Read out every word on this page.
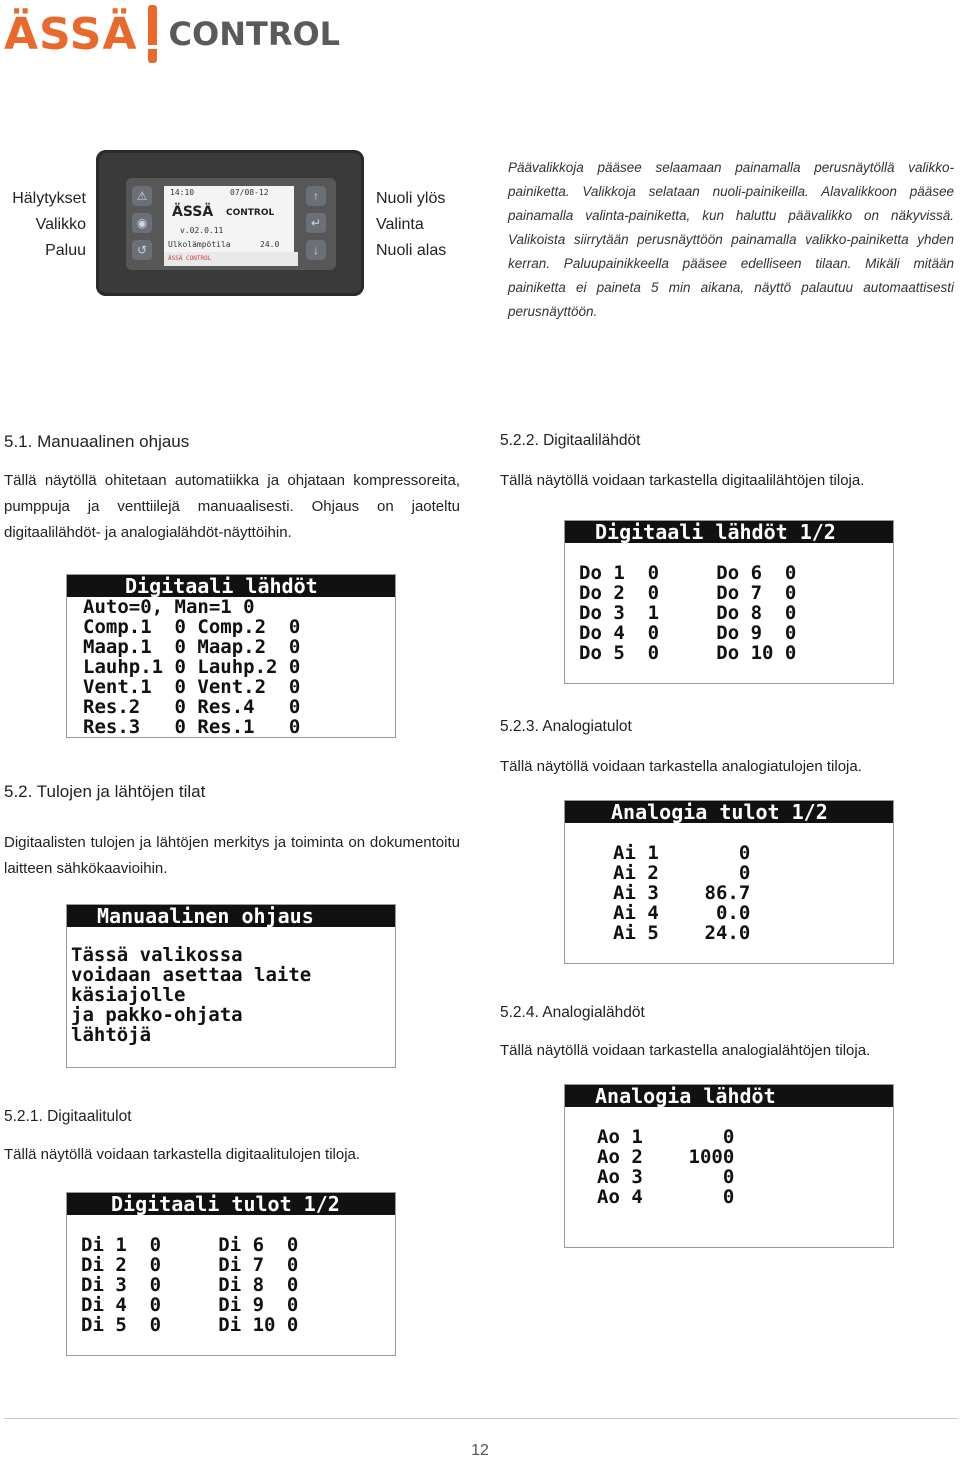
ÄSSÄ CONTROL
Hälytykset
Valikko
Paluu
⚠
◉
↺
14:10	07/08-12
ÄSSÄ CONTROL
v.02.0.11
Ulkolämpötila	24.0
ÄSSÄ CONTROL
↑
↵
↓
Nuoli ylös
Valinta
Nuoli alas
Päävalikkoja pääsee selaamaan painamalla perusnäytöllä valikko-painiketta. Valikkoja selataan nuoli-painikeilla. Alavalikkoon pääsee painamalla valinta-painiketta, kun haluttu päävalikko on näkyvissä. Valikoista siirrytään perusnäyttöön painamalla valikko-painiketta yhden kerran. Paluupainikkeella pääsee edelliseen tilaan. Mikäli mitään painiketta ei paineta 5 min aikana, näyttö palautuu automaattisesti perusnäyttöön.
5.1. Manuaalinen ohjaus
Tällä näytöllä ohitetaan automatiikka ja ohjataan kompressoreita, pumppuja ja venttiilejä manuaalisesti. Ohjaus on jaoteltu digitaalilähdöt- ja analogialähdöt-näyttöihin.
Digitaali lähdöt
Auto=0, Man=1 0
Comp.1  0 Comp.2  0
Maap.1  0 Maap.2  0
Lauhp.1 0 Lauhp.2 0
Vent.1  0 Vent.2  0
Res.2   0 Res.4   0
Res.3   0 Res.1   0
5.2. Tulojen ja lähtöjen tilat
Digitaalisten tulojen ja lähtöjen merkitys ja toiminta on dokumentoitu laitteen sähkökaavioihin.
Manuaalinen ohjaus
Tässä valikossa
voidaan asettaa laite
käsiajolle
ja pakko-ohjata
lähtöjä
5.2.1. Digitaalitulot
Tällä näytöllä voidaan tarkastella digitaalitulojen tiloja.
Digitaali tulot 1/2
Di 1  0     Di 6  0
Di 2  0     Di 7  0
Di 3  0     Di 8  0
Di 4  0     Di 9  0
Di 5  0     Di 10 0
5.2.2. Digitaalilähdöt
Tällä näytöllä voidaan tarkastella digitaalilähtöjen tiloja.
Digitaali lähdöt 1/2
Do 1  0     Do 6  0
Do 2  0     Do 7  0
Do 3  1     Do 8  0
Do 4  0     Do 9  0
Do 5  0     Do 10 0
5.2.3. Analogiatulot
Tällä näytöllä voidaan tarkastella analogiatulojen tiloja.
Analogia tulot 1/2
Ai 1       0
Ai 2       0
Ai 3    86.7
Ai 4     0.0
Ai 5    24.0
5.2.4. Analogialähdöt
Tällä näytöllä voidaan tarkastella analogialähtöjen tiloja.
Analogia lähdöt
Ao 1       0
Ao 2    1000
Ao 3       0
Ao 4       0
12
